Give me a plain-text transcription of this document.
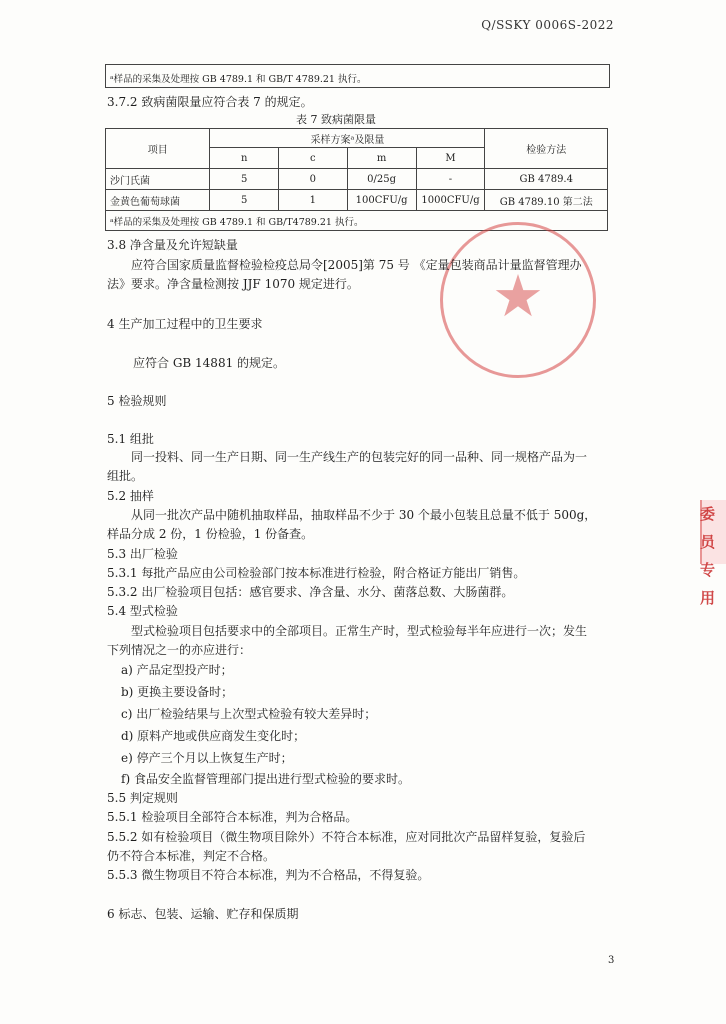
Q/SSKY 0006S-2022
ᵃ样品的采集及处理按 GB 4789.1 和 GB/T 4789.21 执行。
3.7.2 致病菌限量应符合表 7 的规定。
表 7 致病菌限量
项目	采样方案ᵃ及限量				检验方法
	n	c	m	M	
沙门氏菌	5	0	0/25g	-	GB 4789.4
金黄色葡萄球菌	5	1	100CFU/g	1000CFU/g	GB 4789.10 第二法
ᵃ样品的采集及处理按 GB 4789.1 和 GB/T4789.21 执行。					
★
3.8 净含量及允许短缺量
应符合国家质量监督检验检疫总局令[2005]第 75 号 《定量包装商品计量监督管理办
法》要求。净含量检测按 JJF 1070 规定进行。
4 生产加工过程中的卫生要求
应符合 GB 14881 的规定。
5 检验规则
5.1 组批
同一投料、同一生产日期、同一生产线生产的包装完好的同一品种、同一规格产品为一
组批。
5.2 抽样
从同一批次产品中随机抽取样品，抽取样品不少于 30 个最小包装且总量不低于 500g，
样品分成 2 份，1 份检验，1 份备查。
5.3 出厂检验
5.3.1 每批产品应由公司检验部门按本标准进行检验，附合格证方能出厂销售。
5.3.2 出厂检验项目包括：感官要求、净含量、水分、菌落总数、大肠菌群。
5.4 型式检验
型式检验项目包括要求中的全部项目。正常生产时，型式检验每半年应进行一次；发生
下列情况之一的亦应进行：
a) 产品定型投产时；
b) 更换主要设备时；
c) 出厂检验结果与上次型式检验有较大差异时；
d) 原料产地或供应商发生变化时；
e) 停产三个月以上恢复生产时；
f) 食品安全监督管理部门提出进行型式检验的要求时。
5.5 判定规则
5.5.1 检验项目全部符合本标准，判为合格品。
5.5.2 如有检验项目（微生物项目除外）不符合本标准，应对同批次产品留样复验，复验后
仍不符合本标准，判定不合格。
5.5.3 微生物项目不符合本标准，判为不合格品，不得复验。
6 标志、包装、运输、贮存和保质期
3
委员
专用
